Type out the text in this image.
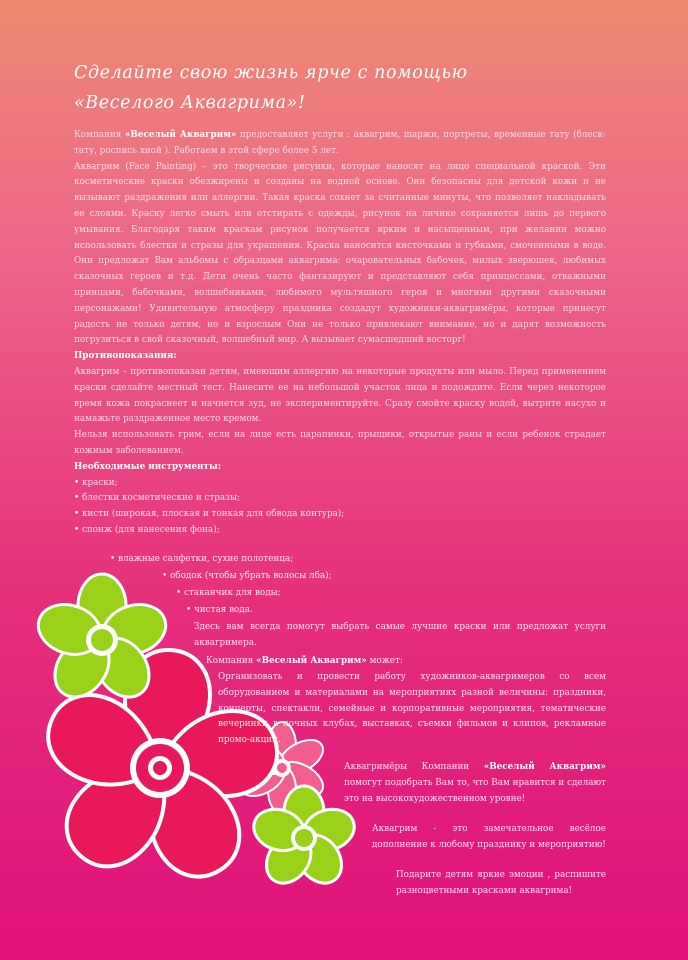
Сделайте свою жизнь ярче с помощью
«Веселого Аквагрима»!

Компания «Веселый Аквагрим» предоставляет услуги : аквагрим, шаржи, портреты, временные тату (блеск-тату, роспись хной ). Работаем в этой сфере более 5 лет.

Аквагрим (Face Painting) – это творческие рисунки, которые наносят на лицо специальной краской. Эти косметические краски обезжирены и созданы на водной основе. Они безопасны для детской кожи и не вызывают раздражения или аллергии. Такая краска сохнет за считанные минуты, что позволяет накладывать ее слоями. Краску легко смыть или отстирать с одежды, рисунок на личике сохраняется лишь до первого умывания. Благодаря таким краскам рисунок получается ярким и насыщенным, при желании можно использовать блестки и стразы для украшения. Краска наносится кисточками и губками, смоченными в воде. Они предложат Вам альбомы с образцами аквагрима: очаровательных бабочек, милых зверюшек, любимых сказочных героев и т.д. Дети очень часто фантазируют и представляют себя принцессами, отважными принцами, бабочками, волшебниками, любимого мультяшного героя и многими другими сказочными персонажами! Удивительную атмосферу праздника создадут художники-аквагримёры, которые принесут радость не только детям, но и взрослым Они не только привлекают внимание, но и дарят возможность погрузиться в свой сказочный, волшебный мир. А вызывает сумасшедший восторг!

Противопоказания:

Аквагрим – противопоказан детям, имеющим аллергию на некоторые продукты или мыло. Перед применением краски сделайте местный тест. Нанесите ее на небольшой участок лица и подождите. Если через некоторое время кожа покраснеет и начнется зуд, не экспериментируйте. Сразу смойте краску водой, вытрите насухо и намажьте раздраженное место кремом.

Нельзя использовать грим, если на лице есть царапинки, прыщики, открытые раны и если ребенок страдает кожным заболеванием.

Необходимые инструменты:

• краски;
• блестки косметические и стразы;
• кисти (широкая, плоская и тонкая для обвода контура);
• спонж (для нанесения фона);
• влажные салфетки, сухие полотенца;
• ободок (чтобы убрать волосы лба);
• стаканчик для воды;
• чистая вода.
Здесь вам всегда помогут выбрать самые лучшие краски или предложат услуги аквагримера.
Компания «Веселый Аквагрим» может:
Организовать и провести работу художников-аквагримеров со всем оборудованием и материалами на мероприятиях разной величины: праздники, концерты, спектакли, семейные и корпоративные мероприятия, тематические вечеринки в ночных клубах, выставках, съемки фильмов и клипов, рекламные промо-акции.
Аквагримёры Компании «Веселый Аквагрим» помогут подобрать Вам то, что Вам нравится и сделают это на высокохудожественном уровне!
Аквагрим - это замечательное весёлое дополнение к любому празднику и мероприятию!
Подарите детям яркие эмоции , распишите разноцветными красками аквагрима!
